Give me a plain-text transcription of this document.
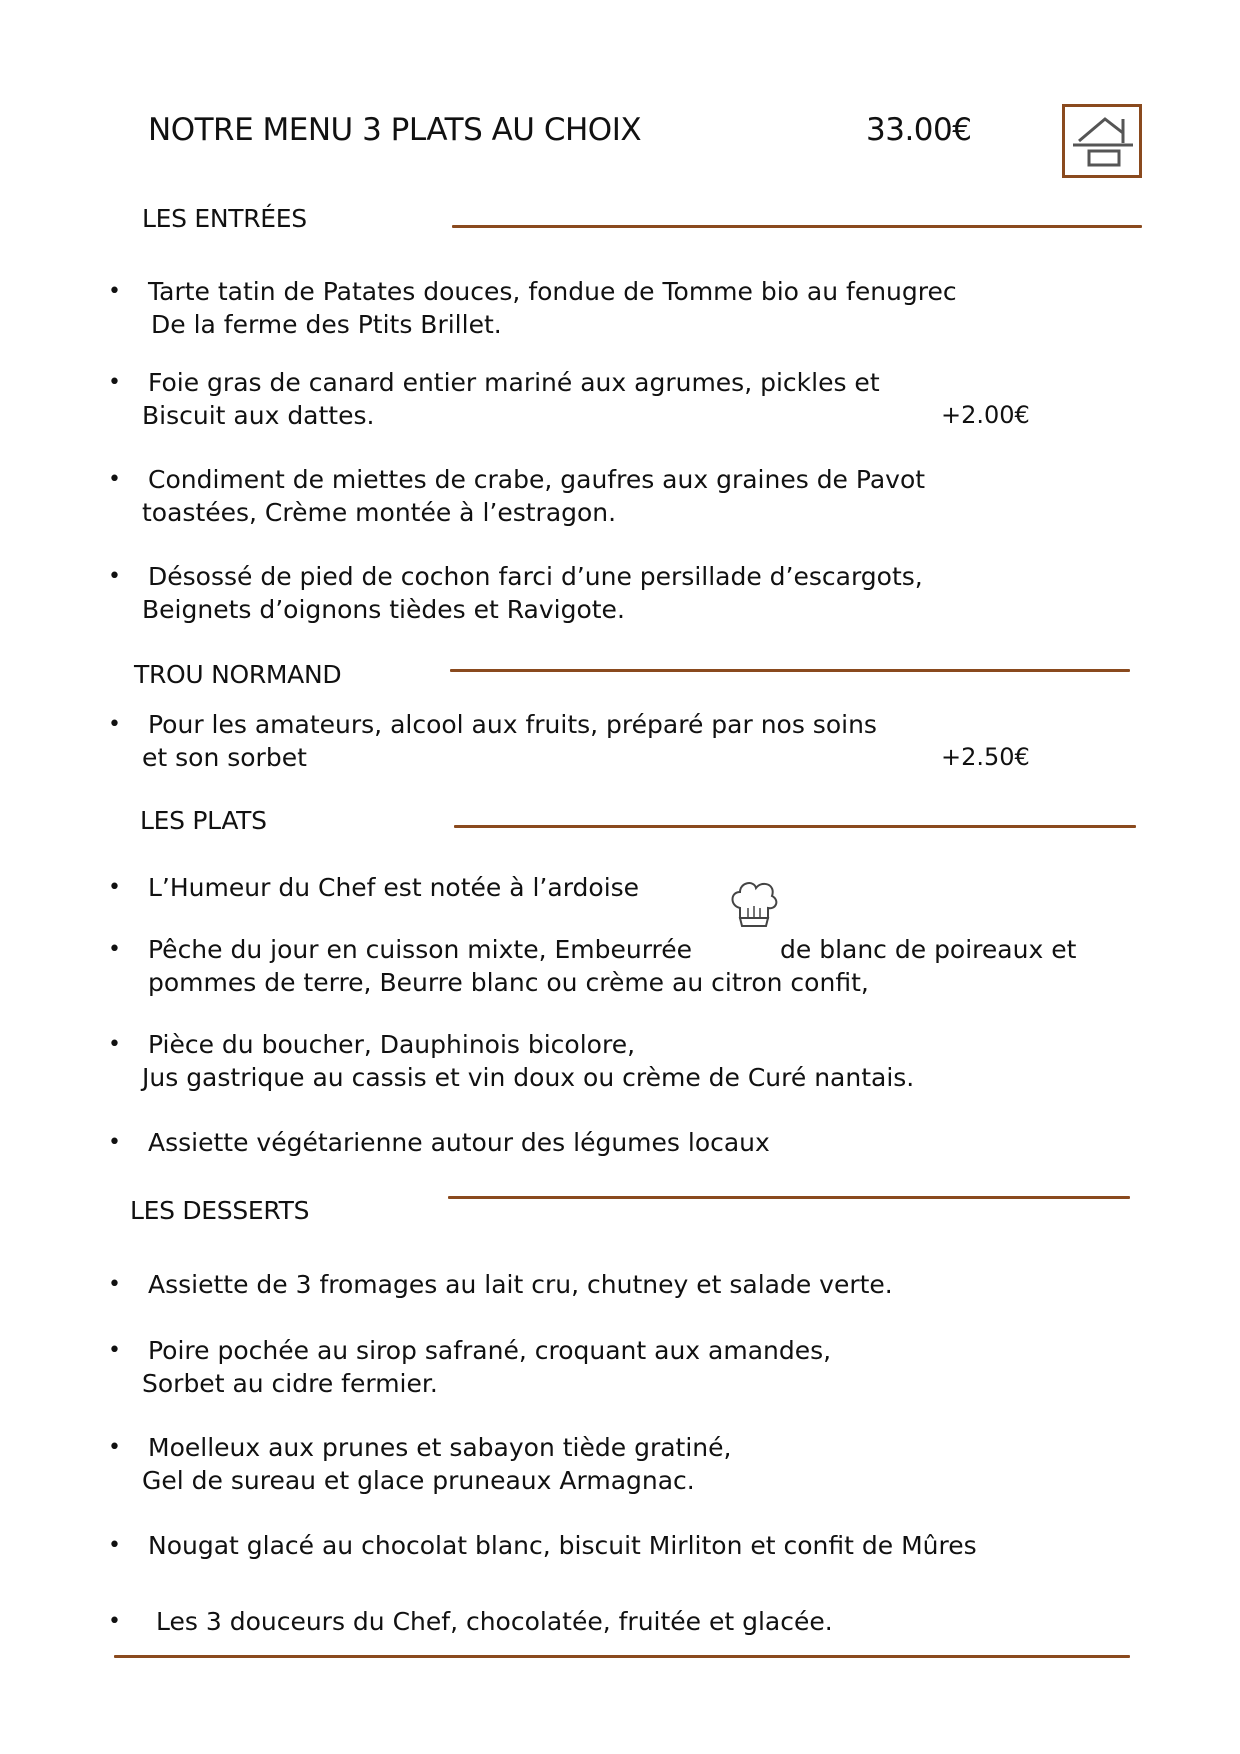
NOTRE MENU 3 PLATS AU CHOIX	33.00€
LES ENTRÉES
• Tarte tatin de Patates douces, fondue de Tomme bio au fenugrec
De la ferme des Ptits Brillet.
• Foie gras de canard entier mariné aux agrumes, pickles et
Biscuit aux dattes.	+2.00€
• Condiment de miettes de crabe, gaufres aux graines de Pavot
toastées, Crème montée à l’estragon.
• Désossé de pied de cochon farci d’une persillade d’escargots,
Beignets d’oignons tièdes et Ravigote.
TROU NORMAND
• Pour les amateurs, alcool aux fruits, préparé par nos soins
et son sorbet	+2.50€
LES PLATS
• L’Humeur du Chef est notée à l’ardoise
• Pêche du jour en cuisson mixte, Embeurrée	de blanc de poireaux et
pommes de terre, Beurre blanc ou crème au citron confit,
• Pièce du boucher, Dauphinois bicolore,
Jus gastrique au cassis et vin doux ou crème de Curé nantais.
• Assiette végétarienne autour des légumes locaux
LES DESSERTS
• Assiette de 3 fromages au lait cru, chutney et salade verte.
• Poire pochée au sirop safrané, croquant aux amandes,
Sorbet au cidre fermier.
• Moelleux aux prunes et sabayon tiède gratiné,
Gel de sureau et glace pruneaux Armagnac.
• Nougat glacé au chocolat blanc, biscuit Mirliton et confit de Mûres
• Les 3 douceurs du Chef, chocolatée, fruitée et glacée.
